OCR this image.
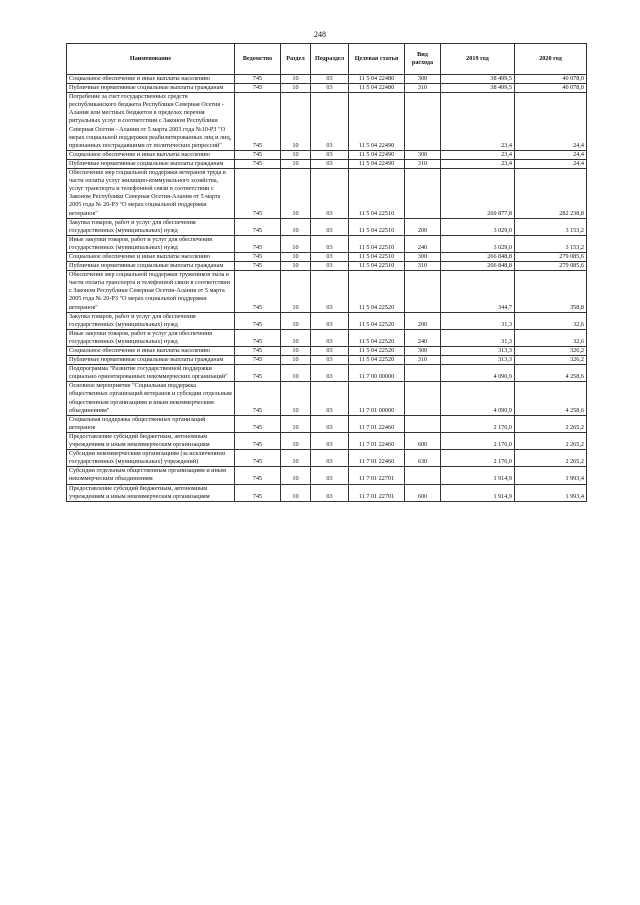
248
Наименование	Ведомство	Раздел	Подраздел	Целевая статья	Вид расхода	2019 год	2020 год
Социальное обеспечение и иные выплаты населению	745	10	03	11 5 04 22480	300	38 499,5	40 078,0
Публичные нормативные социальные выплаты гражданам	745	10	03	11 5 04 22480	310	38 499,5	40 078,0
Погребение за счет государственных средств республиканского бюджета Республики Северная Осетия - Алания или местных бюджетов в пределах перечня ритуальных услуг в соответствии с Законом Республики Северная Осетия - Алания от 5 марта 2003 года №10-РЗ "О мерах социальной поддержки реабилитированных лиц и лиц, признанных пострадавшими от политических репрессий"	745	10	03	11 5 04 22490		23,4	24,4
Социальное обеспечение и иные выплаты населению	745	10	03	11 5 04 22490	300	23,4	24,4
Публичные нормативные социальные выплаты гражданам	745	10	03	11 5 04 22490	310	23,4	24,4
Обеспечение мер социальной поддержки ветеранов труда в части оплаты услуг жилищно-коммунального хозяйства, услуг транспорта и телефонной связи в соответствии с Законом Республики Северная Осетия-Алания от 5 марта 2005 года № 20-РЗ "О мерах социальной поддержки ветеранов"	745	10	03	11 5 04 22510		269 877,8	282 238,8
Закупка товаров, работ и услуг для обеспечения государственных (муниципальных) нужд	745	10	03	11 5 04 22510	200	3 029,0	3 153,2
Иные закупки товаров, работ и услуг для обеспечения государственных (муниципальных) нужд	745	10	03	11 5 04 22510	240	3 029,0	3 153,2
Социальное обеспечение и иные выплаты населению	745	10	03	11 5 04 22510	300	266 848,8	279 085,6
Публичные нормативные социальные выплаты гражданам	745	10	03	11 5 04 22510	310	266 848,8	279 085,6
Обеспечение мер социальной поддержки тружеников тыла в части оплаты транспорта и телефонной связи в соответствии с Законом Республики Северная Осетия-Алания от 5 марта 2005 года № 20-РЗ "О мерах социальной поддержки ветеранов"	745	10	03	11 5 04 22520		344,7	358,8
Закупка товаров, работ и услуг для обеспечения государственных (муниципальных) нужд	745	10	03	11 5 04 22520	200	31,3	32,6
Иные закупки товаров, работ и услуг для обеспечения государственных (муниципальных) нужд	745	10	03	11 5 04 22520	240	31,3	32,6
Социальное обеспечение и иные выплаты населению	745	10	03	11 5 04 22520	300	313,3	326,2
Публичные нормативные социальные выплаты гражданам	745	10	03	11 5 04 22520	310	313,3	326,2
Подпрограмма "Развитие государственной поддержки социально ориентированных некоммерческих организаций"	745	10	03	11 7 00 00000		4 090,9	4 258,6
Основное мероприятие "Социальная поддержка общественных организаций ветеранов и субсидии отдельным общественным организациям и иным некоммерческим объединениям"	745	10	03	11 7 01 00000		4 090,9	4 258,6
Социальная поддержка общественных организаций ветеранов	745	10	03	11 7 01 22460		2 176,0	2 265,2
Предоставление субсидий бюджетным, автономным учреждениям и иным некоммерческим организациям	745	10	03	11 7 01 22460	600	2 176,0	2 265,2
Субсидии некоммерческим организациям (за исключением государственных (муниципальных) учреждений)	745	10	03	11 7 01 22460	630	2 176,0	2 265,2
Субсидии отдельным общественным организациям и иным некоммерческим объединениям	745	10	03	11 7 01 22701		1 914,9	1 993,4
Предоставление субсидий бюджетным, автономным учреждениям и иным некоммерческим организациям	745	10	03	11 7 01 22701	600	1 914,9	1 993,4
